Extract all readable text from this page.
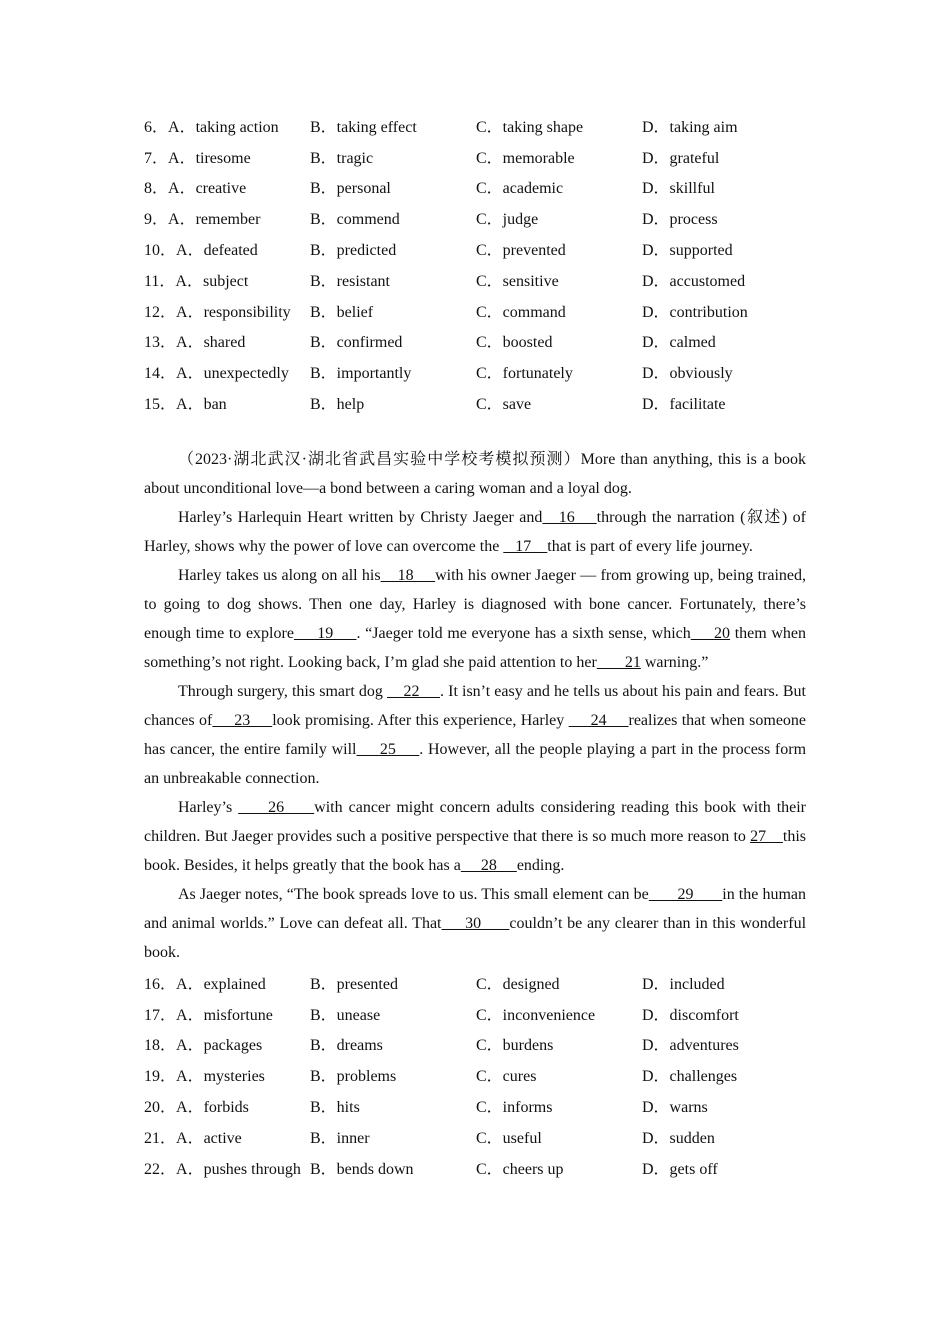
6．A．taking action	B．taking effect	C．taking shape	D．taking aim
7．A．tiresome	B．tragic	C．memorable	D．grateful
8．A．creative	B．personal	C．academic	D．skillful
9．A．remember	B．commend	C．judge	D．process
10．A．defeated	B．predicted	C．prevented	D．supported
11．A．subject	B．resistant	C．sensitive	D．accustomed
12．A．responsibility	B．belief	C．command	D．contribution
13．A．shared	B．confirmed	C．boosted	D．calmed
14．A．unexpectedly	B．importantly	C．fortunately	D．obviously
15．A．ban	B．help	C．save	D．facilitate

（2023·湖北武汉·湖北省武昌实验中学校考模拟预测）More than anything, this is a book about unconditional love—a bond between a caring woman and a loyal dog.

Harley’s Harlequin Heart written by Christy Jaeger and   16    through the narration (叙述) of Harley, shows why the power of love can overcome the    17    that is part of every life journey.

Harley takes us along on all his    18     with his owner Jaeger — from growing up, being trained, to going to dog shows. Then one day, Harley is diagnosed with bone cancer. Fortunately, there’s enough time to explore     19     . “Jaeger told me everyone has a sixth sense, which     20 them when something’s not right. Looking back, I’m glad she paid attention to her       21 warning.”

Through surgery, this smart dog     22     . It isn’t easy and he tells us about his pain and fears. But chances of     23     look promising. After this experience, Harley      24     realizes that when someone has cancer, the entire family will     25     . However, all the people playing a part in the process form an unbreakable connection.

Harley’s      26     with cancer might concern adults considering reading this book with their children. But Jaeger provides such a positive perspective that there is so much more reason to 27    this book. Besides, it helps greatly that the book has a     28     ending.

As Jaeger notes, “The book spreads love to us. This small element can be       29       in the human and animal worlds.” Love can defeat all. That     30      couldn’t be any clearer than in this wonderful book.

16．A．explained	B．presented	C．designed	D．included
17．A．misfortune	B．unease	C．inconvenience	D．discomfort
18．A．packages	B．dreams	C．burdens	D．adventures
19．A．mysteries	B．problems	C．cures	D．challenges
20．A．forbids	B．hits	C．informs	D．warns
21．A．active	B．inner	C．useful	D．sudden
22．A．pushes through B．bends down	C．cheers up	D．gets off
